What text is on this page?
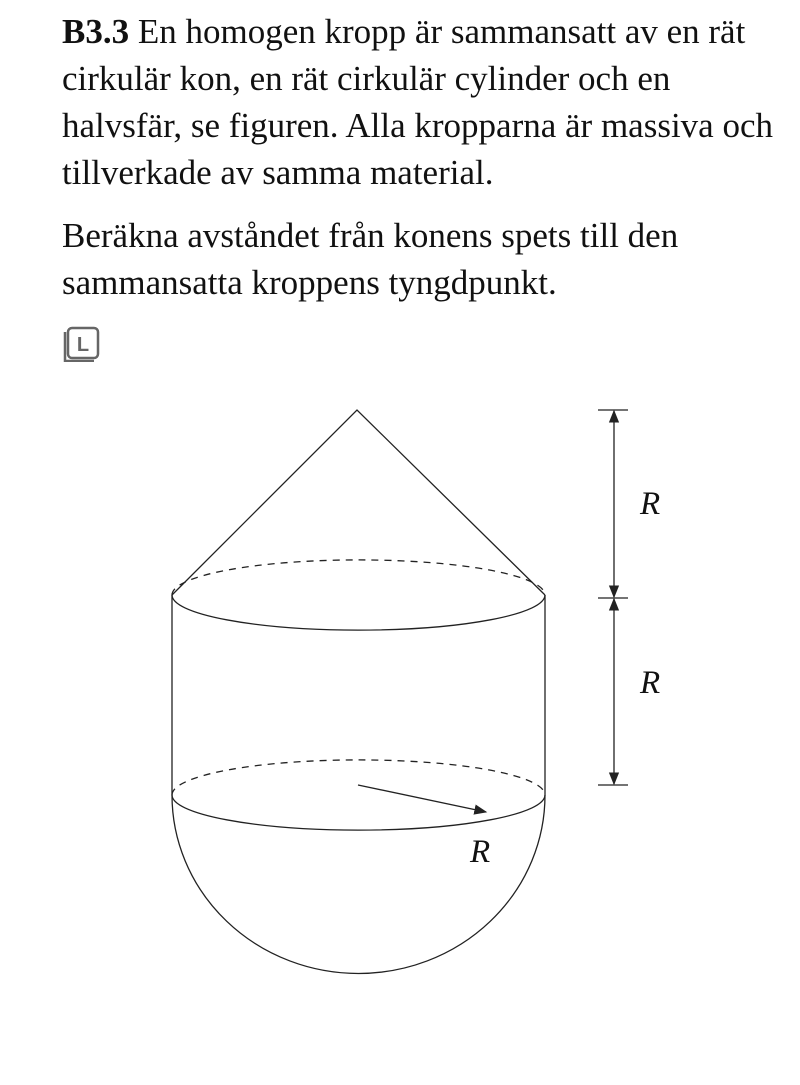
B3.3 En homogen kropp är sammansatt av en rät cirkulär kon, en rät cirkulär cylinder och en halvsfär, se figuren. Alla kropparna är massiva och tillverkade av samma material.

Beräkna avståndet från konens spets till den sammansatta kroppens tyngdpunkt.

L
R
R
R
